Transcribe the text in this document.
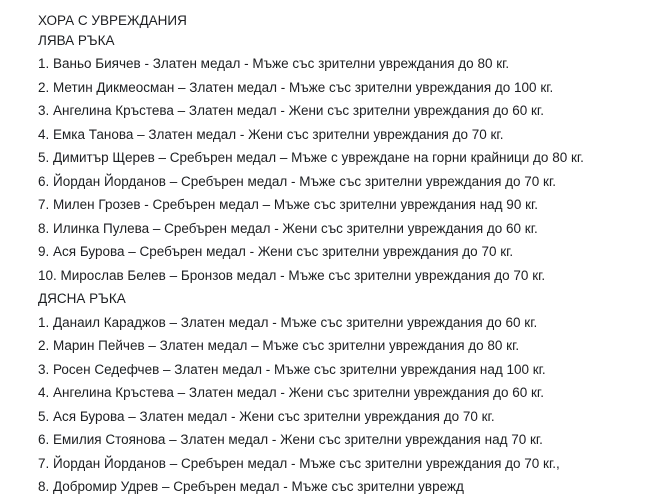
ХОРА С УВРЕЖДАНИЯ
ЛЯВА РЪКА
1. Ваньо Биячев - Златен медал - Мъже със зрителни увреждания до 80 кг.
2. Метин Дикмеосман – Златен медал - Мъже със зрителни увреждания до 100 кг.
3. Ангелина Кръстева – Златен медал - Жени със зрителни увреждания до 60 кг.
4. Емка Танова – Златен медал - Жени със зрителни увреждания до 70 кг.
5. Димитър Щерев – Сребърен медал – Мъже с увреждане на горни крайници до 80 кг.
6. Йордан Йорданов – Сребърен медал - Мъже със зрителни увреждания до 70 кг.
7. Милен Грозев - Сребърен медал – Мъже със зрителни увреждания над 90 кг.
8. Илинка Пулева – Сребърен медал - Жени със зрителни увреждания до 60 кг.
9. Ася Бурова – Сребърен медал - Жени със зрителни увреждания до 70 кг.
10. Мирослав Белев – Бронзов медал - Мъже със зрителни увреждания до 70 кг.
ДЯСНА РЪКА
1. Данаил Караджов – Златен медал - Мъже със зрителни увреждания до 60 кг.
2. Марин Пейчев – Златен медал – Мъже със зрителни увреждания до 80 кг.
3. Росен Седефчев – Златен медал - Мъже със зрителни увреждания над 100 кг.
4. Ангелина Кръстева – Златен медал - Жени със зрителни увреждания до 60 кг.
5. Ася Бурова – Златен медал - Жени със зрителни увреждания до 70 кг.
6. Емилия Стоянова – Златен медал - Жени със зрителни увреждания над 70 кг.
7. Йордан Йорданов – Сребърен медал - Мъже със зрителни увреждания до 70 кг.,
8. Добромир Удрев – Сребърен медал - Мъже със зрителни уврежд
